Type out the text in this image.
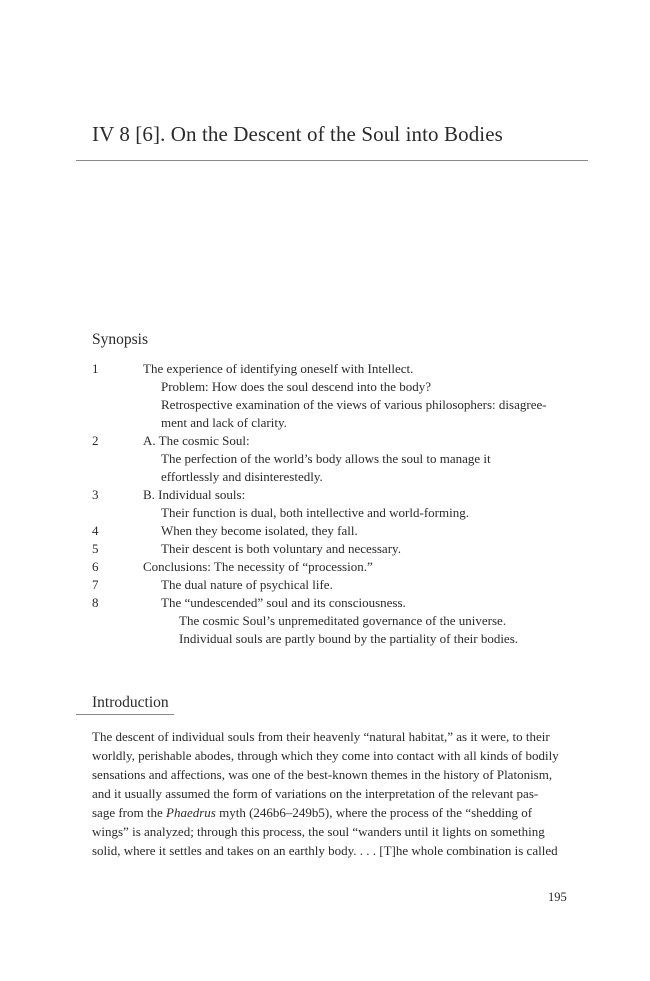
IV 8 [6]. On the Descent of the Soul into Bodies
Synopsis
1	The experience of identifying oneself with Intellect.
Problem: How does the soul descend into the body?
Retrospective examination of the views of various philosophers: disagree-
ment and lack of clarity.
2	A. The cosmic Soul:
The perfection of the world’s body allows the soul to manage it
effortlessly and disinterestedly.
3	B. Individual souls:
Their function is dual, both intellective and world-forming.
4	When they become isolated, they fall.
5	Their descent is both voluntary and necessary.
6	Conclusions: The necessity of “procession.”
7	The dual nature of psychical life.
8	The “undescended” soul and its consciousness.
The cosmic Soul’s unpremeditated governance of the universe.
Individual souls are partly bound by the partiality of their bodies.
Introduction
The descent of individual souls from their heavenly “natural habitat,” as it were, to their
worldly, perishable abodes, through which they come into contact with all kinds of bodily
sensations and affections, was one of the best-known themes in the history of Platonism,
and it usually assumed the form of variations on the interpretation of the relevant pas-
sage from the Phaedrus myth (246b6–249b5), where the process of the “shedding of
wings” is analyzed; through this process, the soul “wanders until it lights on something
solid, where it settles and takes on an earthly body. . . . [T]he whole combination is called
195
